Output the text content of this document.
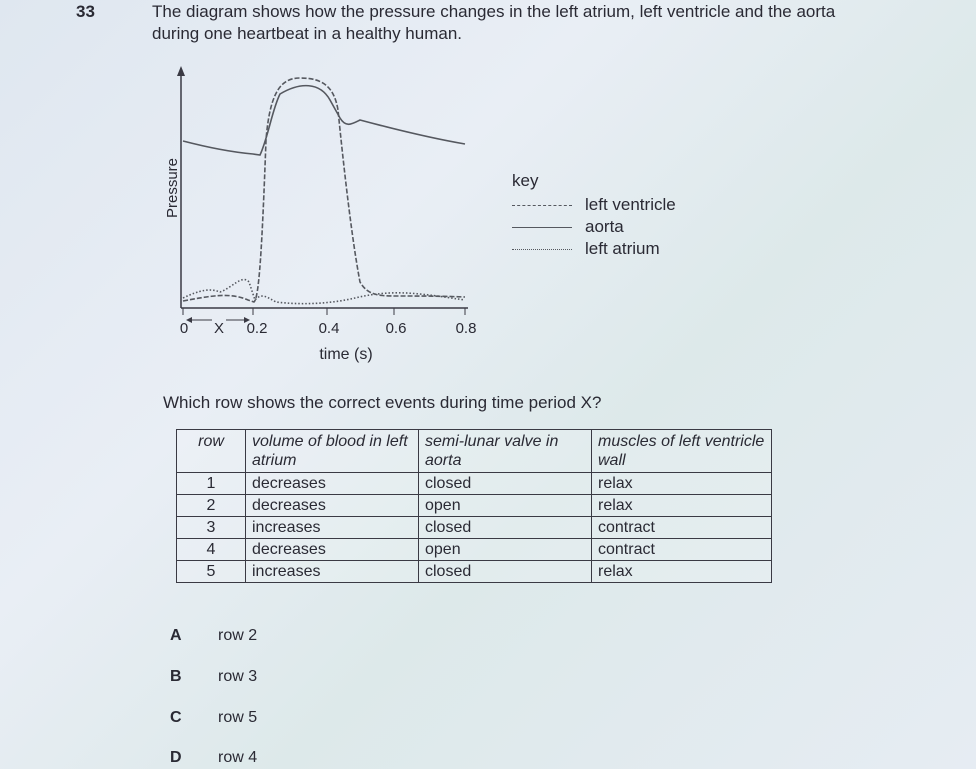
33	The diagram shows how the pressure changes in the left atrium, left ventricle and the aorta
during one heartbeat in a healthy human.
Pressure
0 X 0.2	0.4	0.6	0.8
time (s)
key
left ventricle
aorta
left atrium
Which row shows the correct events during time period X?
row	volume of blood in left atrium	semi-lunar valve in aorta	muscles of left ventricle wall
1	decreases	closed	relax
2	decreases	open	relax
3	increases	closed	contract
4	decreases	open	contract
5	increases	closed	relax
A row 2
B row 3
C row 5
D row 4
